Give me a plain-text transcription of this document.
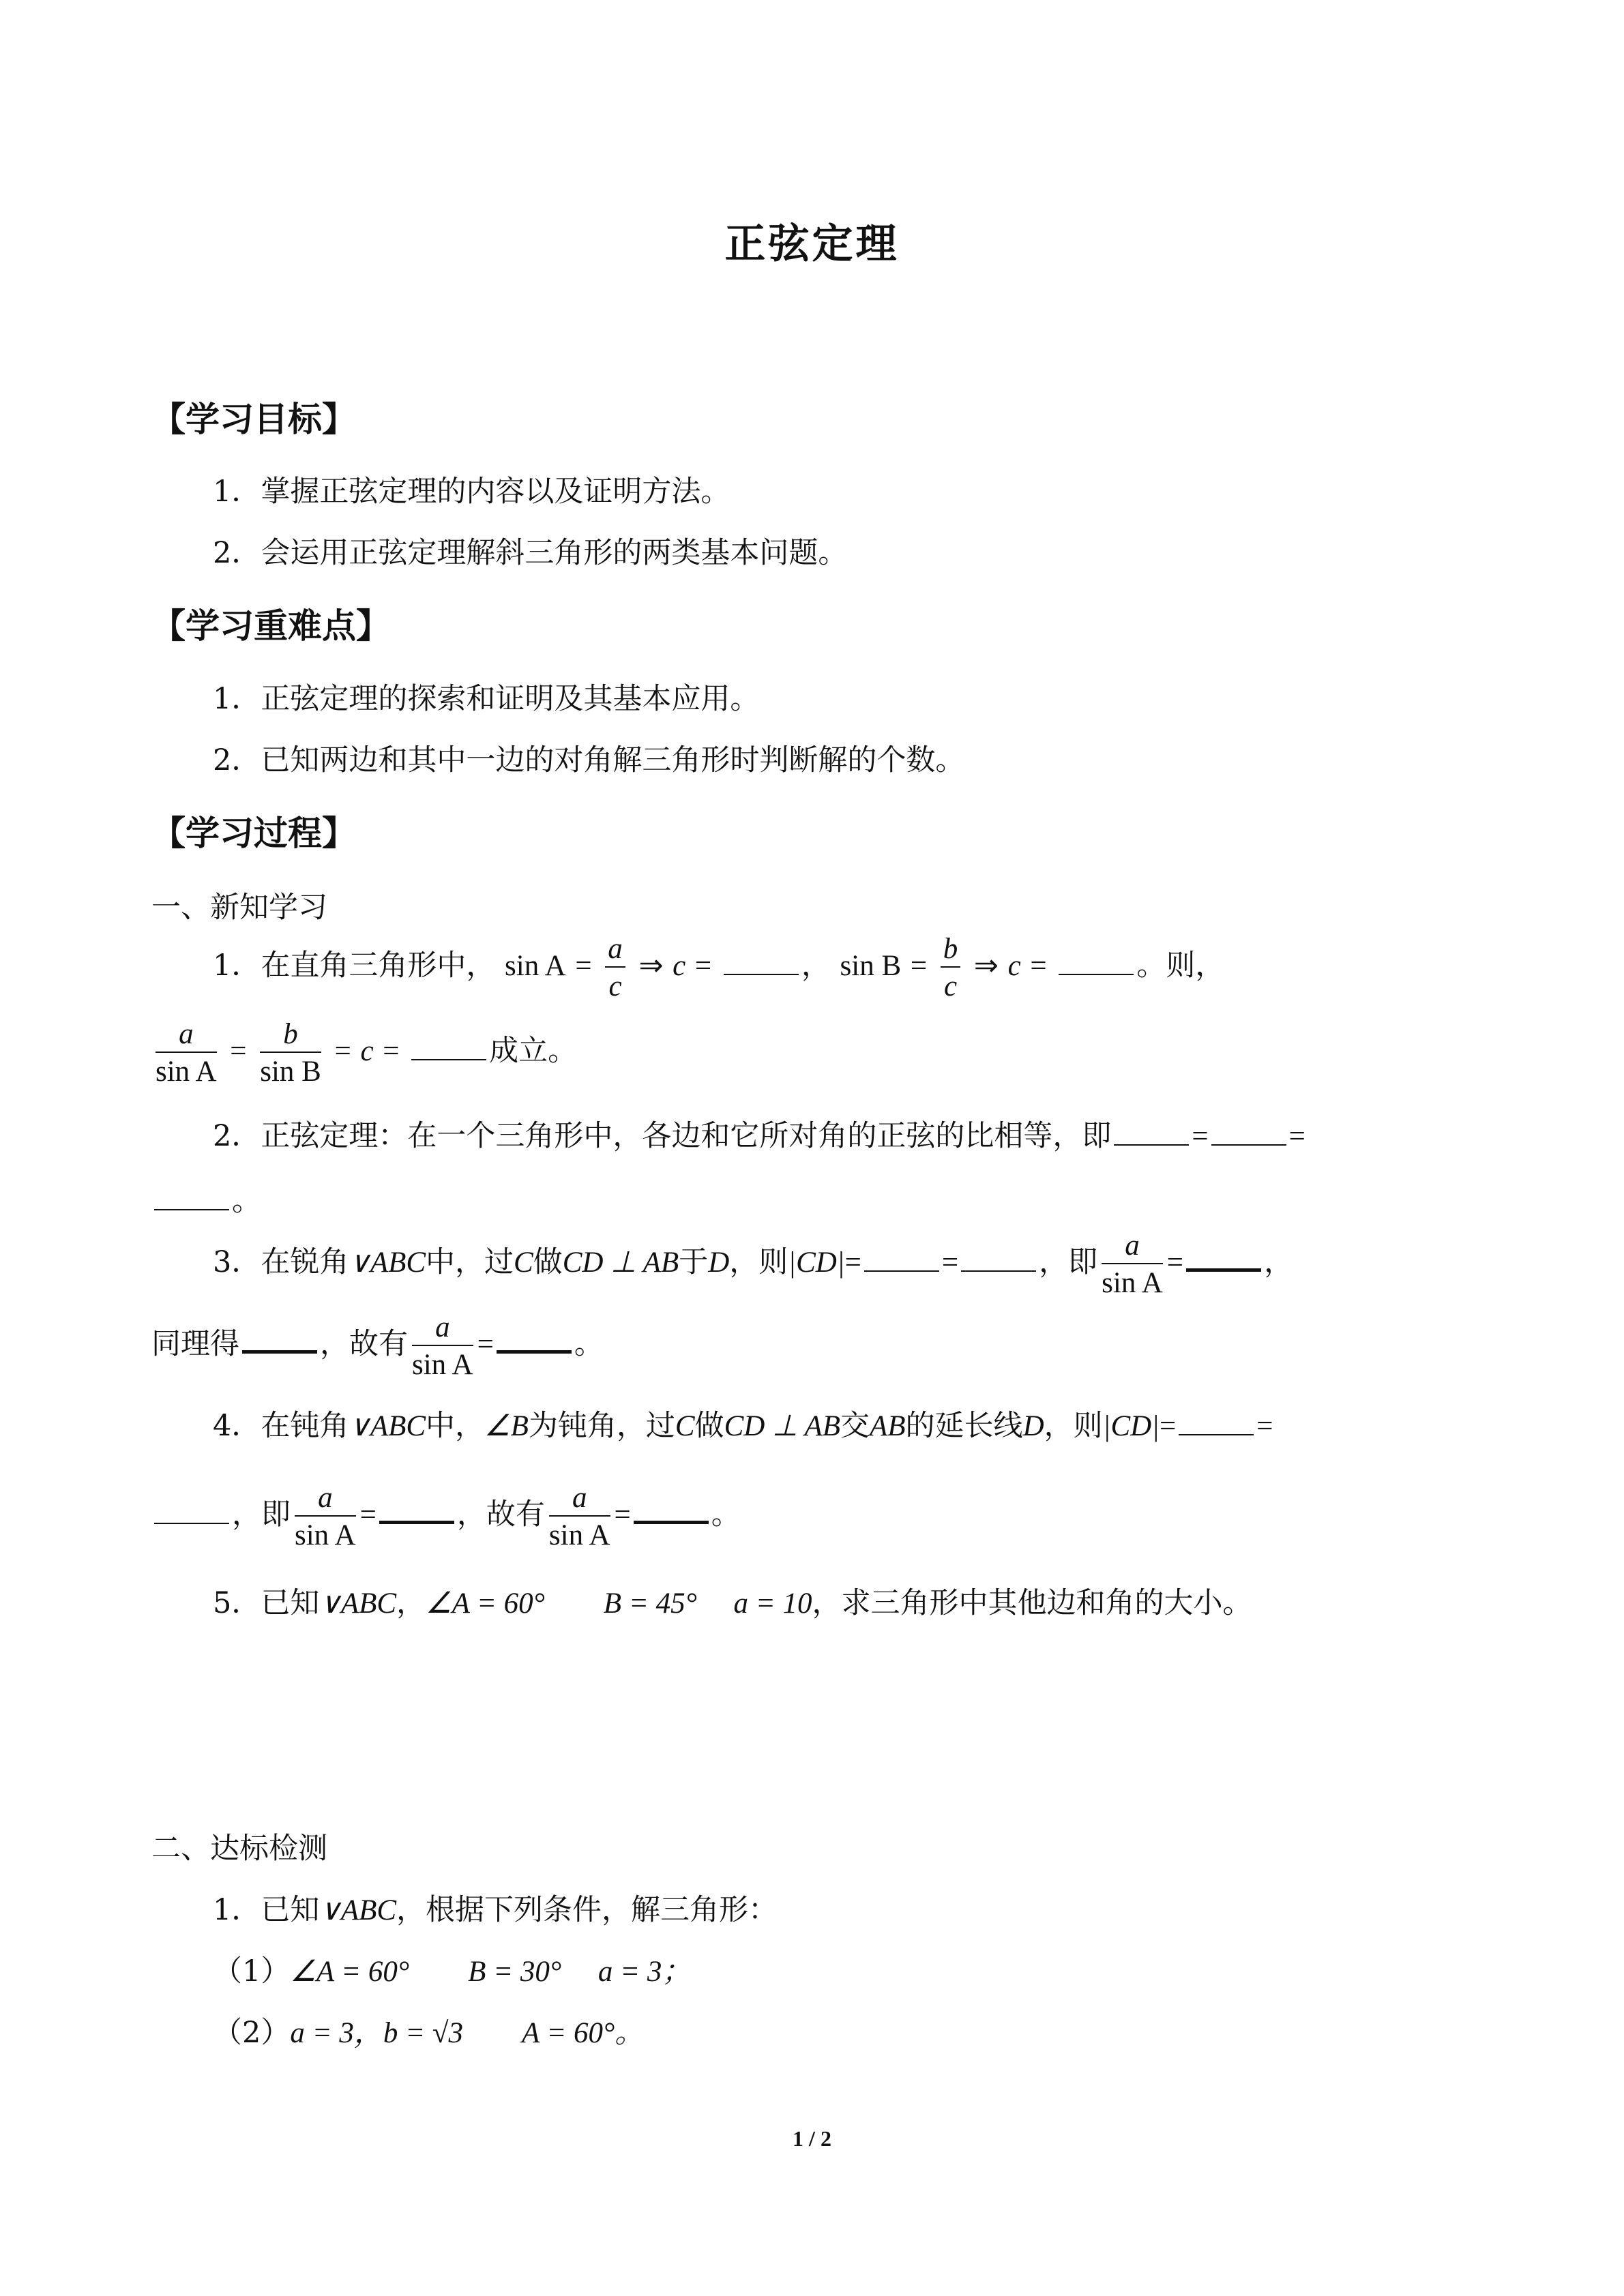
正弦定理
【学习目标】
1．掌握正弦定理的内容以及证明方法。
2．会运用正弦定理解斜三角形的两类基本问题。
【学习重难点】
1．正弦定理的探索和证明及其基本应用。
2．已知两边和其中一边的对角解三角形时判断解的个数。
【学习过程】
一、新知学习
1．在直角三角形中， $\sin A = \frac{a}{c}$ ⇒ c =	， $\sin B = \frac{b}{c}$ ⇒ c =	。则，
$\frac{a}{\text{sin A}} = \frac{b}{\text{sin B}} = c$ =	成立。
2．正弦定理：在一个三角形中，各边和它所对角的正弦的比相等，即	=	=
。
3．在锐角∨ABC中，过C做CD ⊥ AB于D，则|CD|=	=	，即 $\frac{a}{\text{sin A}}$ =	，
同理得	，故有 $\frac{a}{\text{sin A}}$ =	。
4．在钝角∨ABC中，∠B为钝角，过C做CD ⊥ AB交AB的延长线D，则|CD|=	=
，即 $\frac{a}{\text{sin A}}$ =	，故有 $\frac{a}{\text{sin A}}$ =	。
5．已知∨ABC，∠A = 60°　　B = 45°　 a = 10，求三角形中其他边和角的大小。
二、达标检测
1．已知∨ABC，根据下列条件，解三角形：
（1）∠A = 60°　　B = 30°　 a = 3；
（2）a = 3，b = √3　　A = 60°。
1 / 2
